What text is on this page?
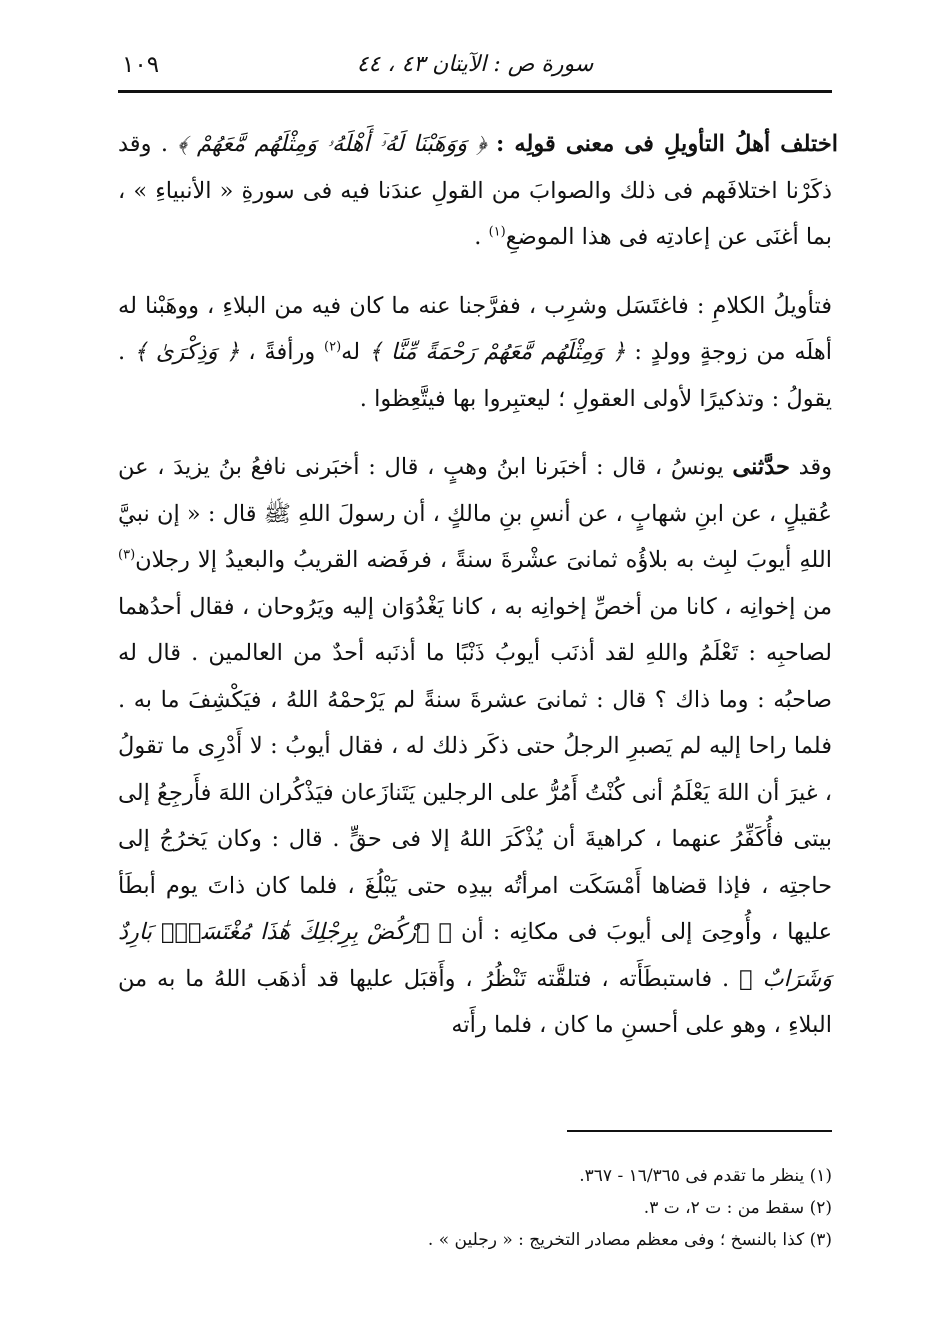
١٠٩	سورة ص : الآيتان ٤٣ ، ٤٤

اختلف أهلُ التأويلِ فى معنى قولِه : ﴿ وَوَهَبْنَا لَهُۥٓ أَهْلَهُۥ وَمِثْلَهُم مَّعَهُمْ ﴾ . وقد ذكَرْنا اختلافَهم فى ذلك والصوابَ من القولِ عندَنا فيه فى سورةِ « الأنبياءِ » ، بما أغنَى عن إعادتِه فى هذا الموضعِ$^{(١)}$ .

فتأويلُ الكلامِ : فاغتَسَل وشرِب ، ففرَّجنا عنه ما كان فيه من البلاءِ ، ووهَبْنا له أهلَه من زوجةٍ وولدٍ : ﴿ وَمِثْلَهُم مَّعَهُمْ رَحْمَةً مِّنَّا ﴾ له$^{(٢)}$ ورأفةً ، ﴿ وَذِكْرَىٰ ﴾ . يقولُ : وتذكيرًا لأولى العقولِ ؛ ليعتبِروا بها فيتَّعِظوا .

وقد حدَّثنى يونسُ ، قال : أخبَرنا ابنُ وهبٍ ، قال : أخبَرنى نافعُ بنُ يزيدَ ، عن عُقيلٍ ، عن ابنِ شهابٍ ، عن أنسِ بنِ مالكٍ ، أن رسولَ اللهِ ﷺ قال : « إن نبيَّ اللهِ أيوبَ لبِث به بلاؤُه ثمانىَ عشْرةَ سنةً ، فرفَضه القريبُ والبعيدُ إلا رجلان$^{(٣)}$ من إخوانِه ، كانا من أخصِّ إخوانِه به ، كانا يَغْدُوَان إليه ويَرُوحان ، فقال أحدُهما لصاحبِه : تَعْلَمُ واللهِ لقد أذنَب أيوبُ ذَنْبًا ما أذنَبه أحدٌ من العالمين . قال له صاحبُه : وما ذاك ؟ قال : ثمانىَ عشرةَ سنةً لم يَرْحمْهُ اللهُ ، فيَكْشِفَ ما به . فلما راحا إليه لم يَصبرِ الرجلُ حتى ذكَر ذلك له ، فقال أيوبُ : لا أَدْرِى ما تقولُ ، غيرَ أن اللهَ يَعْلَمُ أنى كُنْتُ أَمُرُّ على الرجلين يَتَنازَعان فيَذْكُران اللهَ فأَرجِعُ إلى بيتى فأُكَفِّرُ عنهما ، كراهيةَ أن يُذْكَرَ اللهُ إلا فى حقٍّ . قال : وكان يَخرُجُ إلى حاجتِه ، فإذا قضاها أَمْسَكَت امرأتُه بيدِه حتى يَبْلُغَ ، فلما كان ذاتَ يوم أبطَأ عليها ، وأُوحِىَ إلى أيوبَ فى مكانِه : أن ﴿ ٱرْكُضْ بِرِجْلِكَ هَٰذَا مُغْتَسَلٌۢ بَارِدٌ وَشَرَابٌ ﴾ . فاستبطَأَته ، فتلقَّته تَنْظُرُ ، وأَقبَل عليها قد أذهَب اللهُ ما به من البلاءِ ، وهو على أحسنِ ما كان ، فلما رأَته

(١) ينظر ما تقدم فى ١٦/٣٦٥ - ٣٦٧.

(٢) سقط من : ت ٢، ت ٣.

(٣) كذا بالنسخ ؛ وفى معظم مصادر التخريج : « رجلين » .
